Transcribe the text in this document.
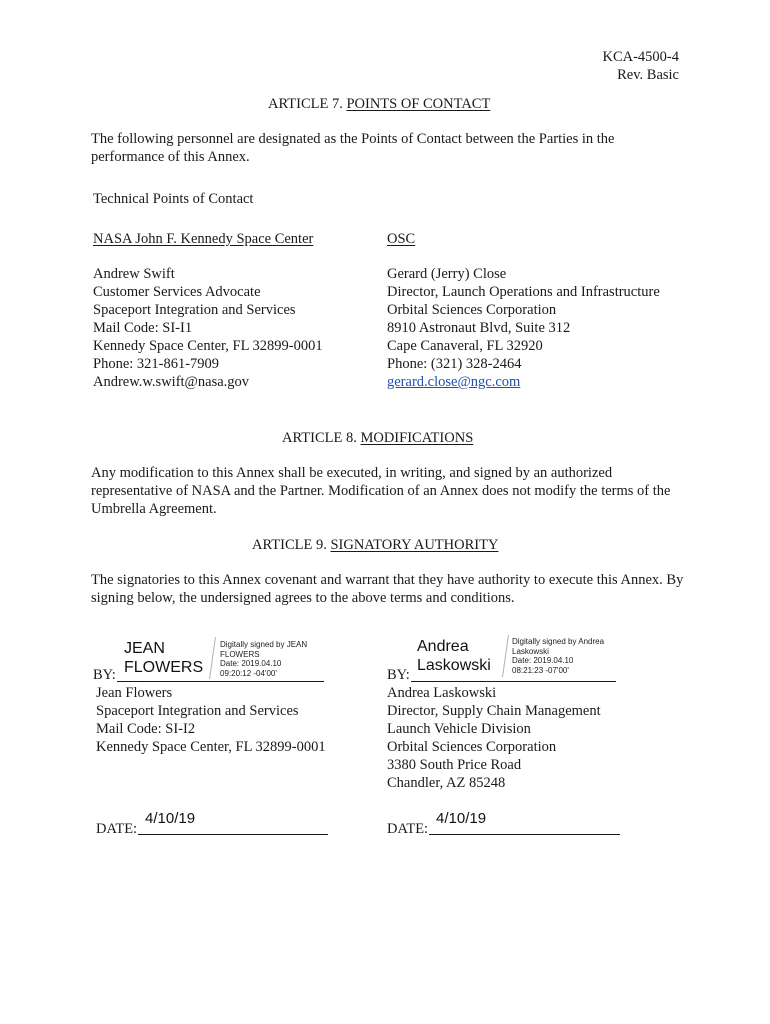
KCA-4500-4
Rev. Basic
ARTICLE 7. POINTS OF CONTACT
The following personnel are designated as the Points of Contact between the Parties in the performance of this Annex.
Technical Points of Contact
NASA John F. Kennedy Space Center	OSC
Andrew Swift
Customer Services Advocate
Spaceport Integration and Services
Mail Code: SI-I1
Kennedy Space Center, FL 32899-0001
Phone: 321-861-7909
Andrew.w.swift@nasa.gov
Gerard (Jerry) Close
Director, Launch Operations and Infrastructure
Orbital Sciences Corporation
8910 Astronaut Blvd, Suite 312
Cape Canaveral, FL 32920
Phone: (321) 328-2464
gerard.close@ngc.com
ARTICLE 8. MODIFICATIONS
Any modification to this Annex shall be executed, in writing, and signed by an authorized representative of NASA and the Partner. Modification of an Annex does not modify the terms of the Umbrella Agreement.
ARTICLE 9. SIGNATORY AUTHORITY
The signatories to this Annex covenant and warrant that they have authority to execute this Annex. By signing below, the undersigned agrees to the above terms and conditions.
JEAN
FLOWERS
Digitally signed by JEAN
FLOWERS
Date: 2019.04.10
09:20:12 -04'00'
BY:
Jean Flowers
Spaceport Integration and Services
Mail Code: SI-I2
Kennedy Space Center, FL 32899-0001
4/10/19
DATE:
Andrea
Laskowski
Digitally signed by Andrea
Laskowski
Date: 2019.04.10
08:21:23 -07'00'
BY:
Andrea Laskowski
Director, Supply Chain Management
Launch Vehicle Division
Orbital Sciences Corporation
3380 South Price Road
Chandler, AZ 85248
4/10/19
DATE:
